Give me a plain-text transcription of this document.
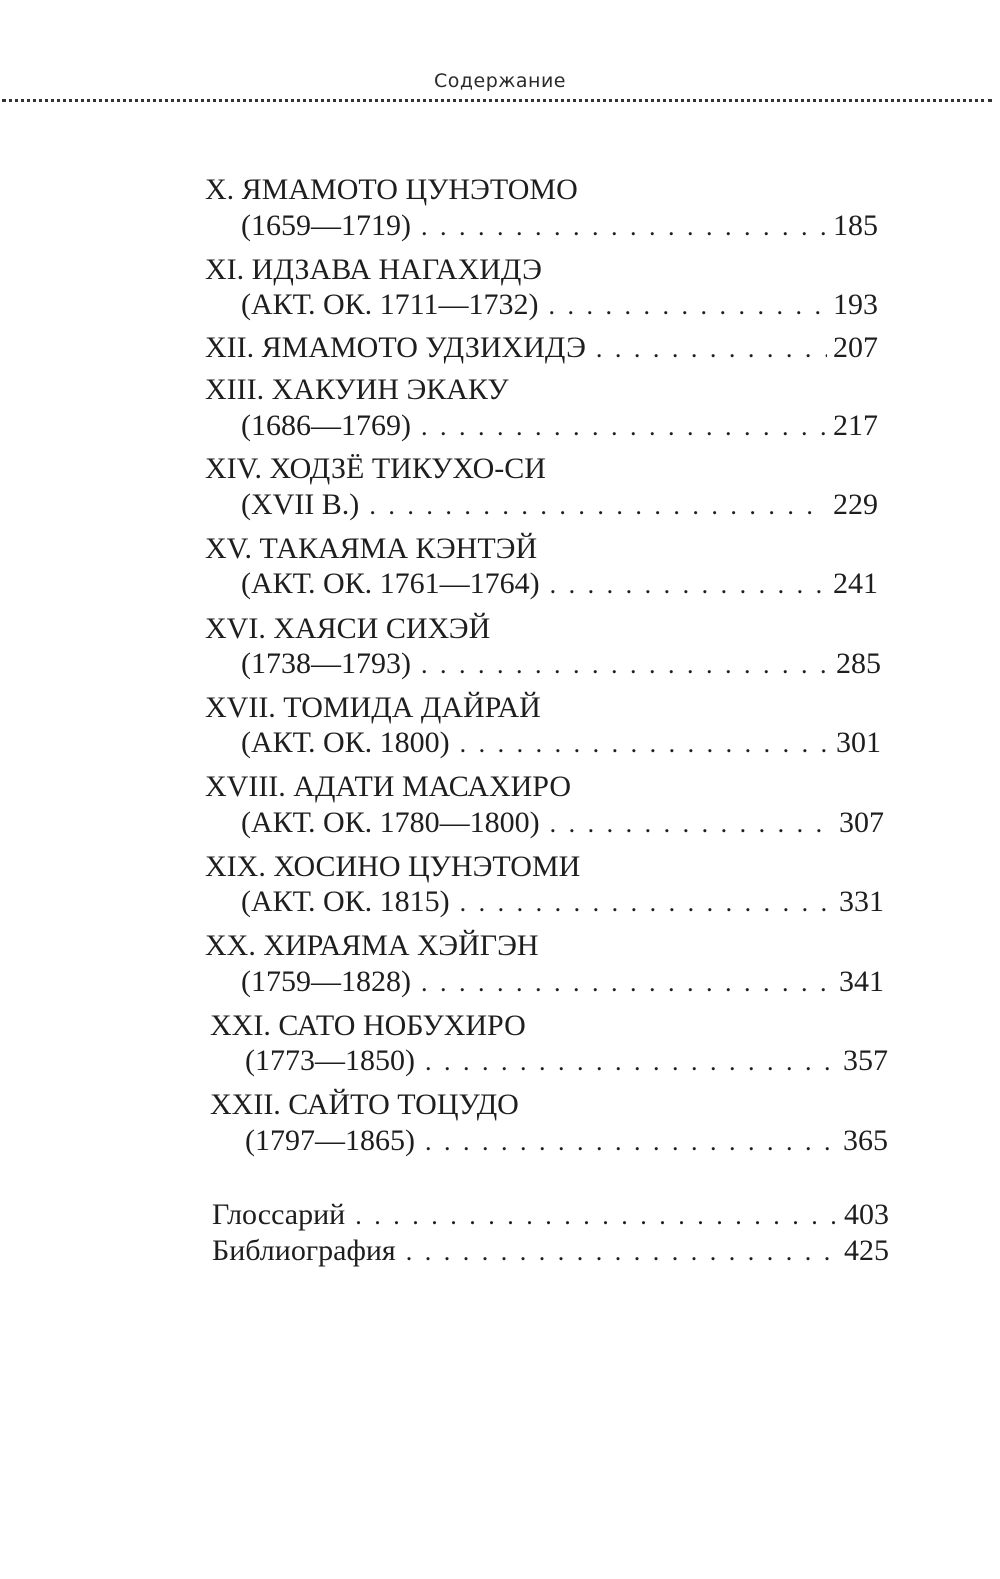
Содержание
X. ЯМАМОТО ЦУНЭТОМО
(1659—1719) . . .	185
XI. ИДЗАВА НАГАХИДЭ
(АКТ. ОК. 1711—1732) . . .	193
XII. ЯМАМОТО УДЗИХИДЭ . . .	207
XIII. ХАКУИН ЭКАКУ
(1686—1769) . . .	217
XIV. ХОДЗЁ ТИКУХО-СИ
(XVII В.) . . .	229
XV. ТАКАЯМА КЭНТЭЙ
(АКТ. ОК. 1761—1764) . . .	241
XVI. ХАЯСИ СИХЭЙ
(1738—1793) . . .	285
XVII. ТОМИДА ДАЙРАЙ
(АКТ. ОК. 1800) . . .	301
XVIII. АДАТИ МАСАХИРО
(АКТ. ОК. 1780—1800) . . .	307
XIX. ХОСИНО ЦУНЭТОМИ
(АКТ. ОК. 1815) . . .	331
XX. ХИРАЯМА ХЭЙГЭН
(1759—1828) . . .	341
XXI. САТО НОБУХИРО
(1773—1850) . . .	357
XXII. САЙТО ТОЦУДО
(1797—1865) . . .	365
Глоссарий . . .	403
Библиография . . .	425
